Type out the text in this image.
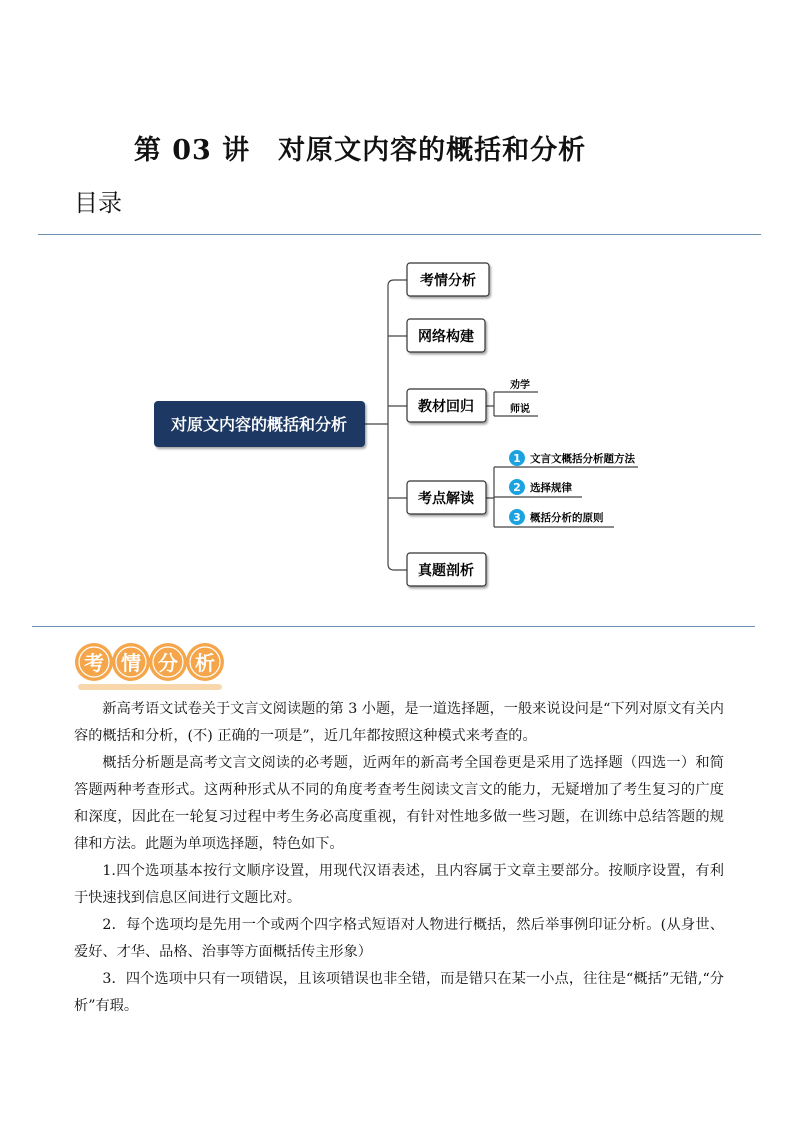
第 03 讲　对原文内容的概括和分析
目录
对原文内容的概括和分析
考情分析
网络构建
教材回归
考点解读
真题剖析
劝学
师说
1 文言文概括分析题方法
2 选择规律
3 概括分析的原则
考 情 分 析

新高考语文试卷关于文言文阅读题的第 3 小题，是一道选择题，一般来说设问是“下列对原文有关内容的概括和分析，(不) 正确的一项是”，近几年都按照这种模式来考查的。

概括分析题是高考文言文阅读的必考题，近两年的新高考全国卷更是采用了选择题（四选一）和简答题两种考查形式。这两种形式从不同的角度考查考生阅读文言文的能力，无疑增加了考生复习的广度和深度，因此在一轮复习过程中考生务必高度重视，有针对性地多做一些习题，在训练中总结答题的规律和方法。此题为单项选择题，特色如下。

1.四个选项基本按行文顺序设置，用现代汉语表述，且内容属于文章主要部分。按顺序设置，有利于快速找到信息区间进行文题比对。

2．每个选项均是先用一个或两个四字格式短语对人物进行概括，然后举事例印证分析。(从身世、爱好、才华、品格、治事等方面概括传主形象）

3．四个选项中只有一项错误，且该项错误也非全错，而是错只在某一小点，往往是“概括”无错,“分析”有瑕。
